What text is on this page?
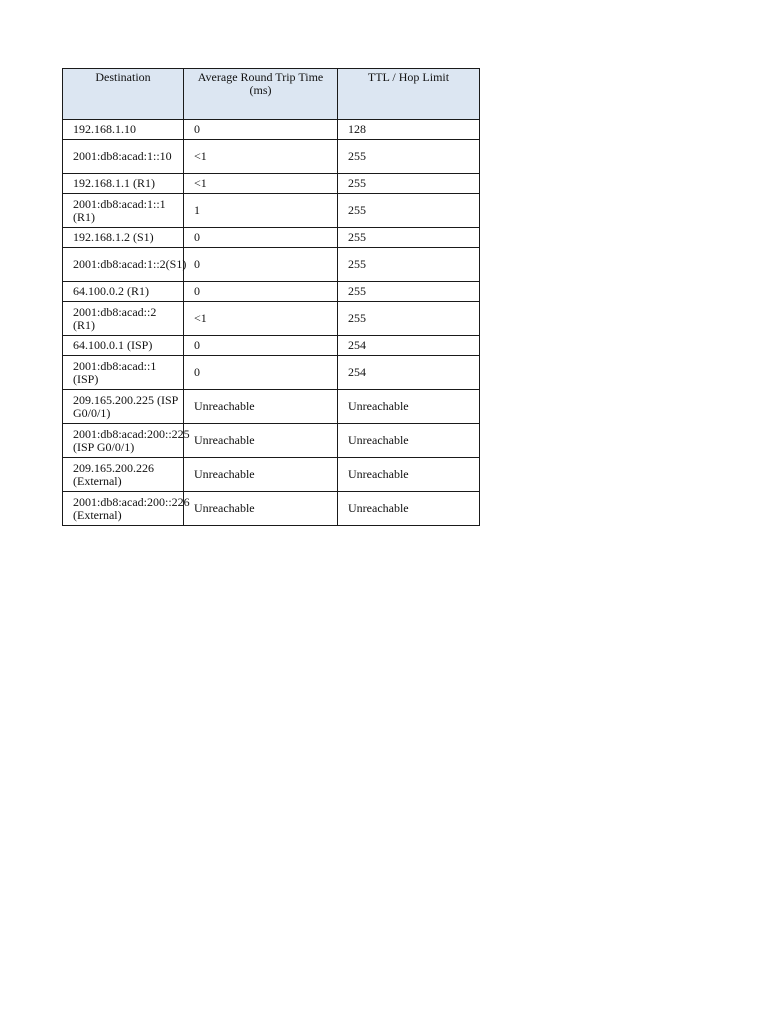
Destination	Average Round Trip Time (ms)	TTL / Hop Limit
192.168.1.10	0	128
2001:db8:acad:1::10	<1	255
192.168.1.1 (R1)	<1	255
2001:db8:acad:1::1 (R1)	1	255
192.168.1.2 (S1)	0	255
2001:db8:acad:1::2(S1)	0	255
64.100.0.2 (R1)	0	255
2001:db8:acad::2 (R1)	<1	255
64.100.0.1 (ISP)	0	254
2001:db8:acad::1 (ISP)	0	254
209.165.200.225 (ISP G0/0/1)	Unreachable	Unreachable
2001:db8:acad:200::225 (ISP G0/0/1)	Unreachable	Unreachable
209.165.200.226 (External)	Unreachable	Unreachable
2001:db8:acad:200::226 (External)	Unreachable	Unreachable
